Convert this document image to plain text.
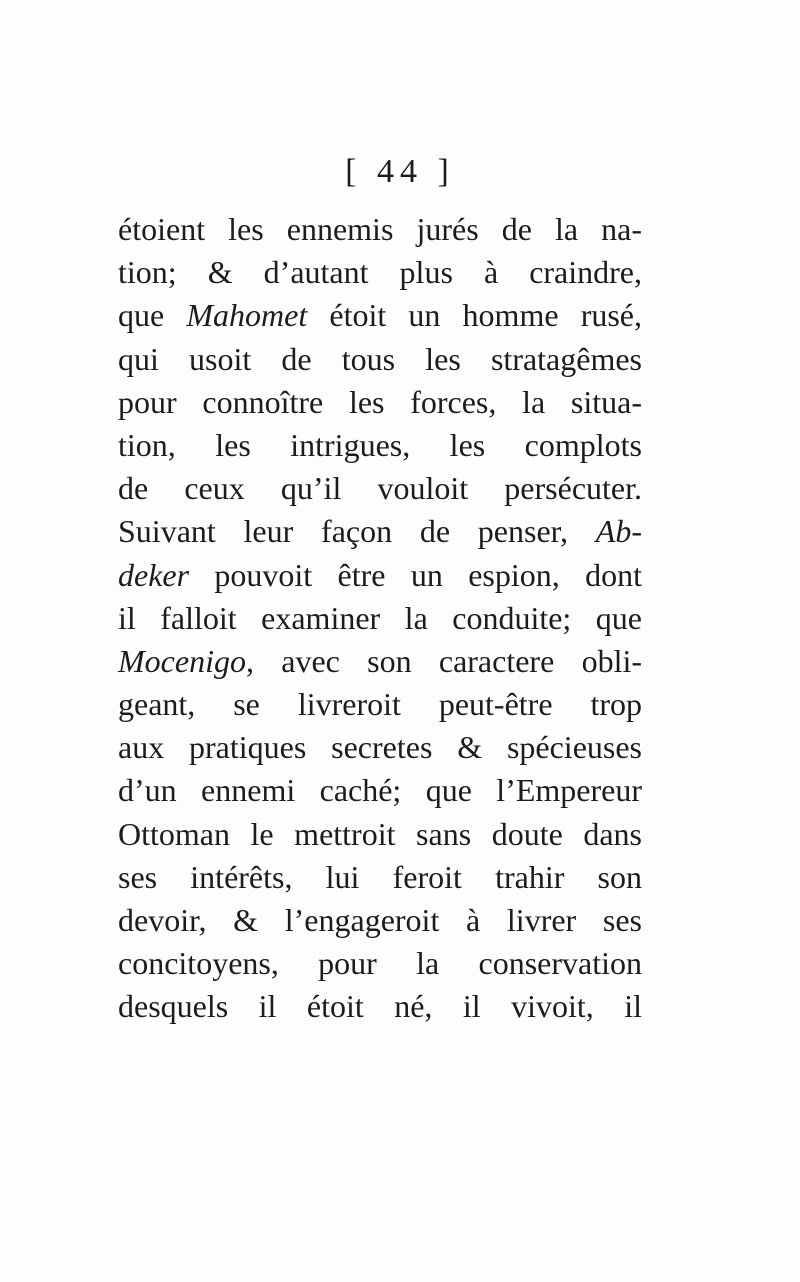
[ 44 ]
étoient les ennemis jurés de la na-
tion; & d’autant plus à craindre,
que Mahomet étoit un homme rusé,
qui usoit de tous les stratagêmes
pour connoître les forces, la situa-
tion, les intrigues, les complots
de ceux qu’il vouloit persécuter.
Suivant leur façon de penser, Ab-
deker pouvoit être un espion, dont
il falloit examiner la conduite; que
Mocenigo, avec son caractere obli-
geant, se livreroit peut-être trop
aux pratiques secretes & spécieuses
d’un ennemi caché; que l’Empereur
Ottoman le mettroit sans doute dans
ses intérêts, lui feroit trahir son
devoir, & l’engageroit à livrer ses
concitoyens, pour la conservation
desquels il étoit né, il vivoit, il
